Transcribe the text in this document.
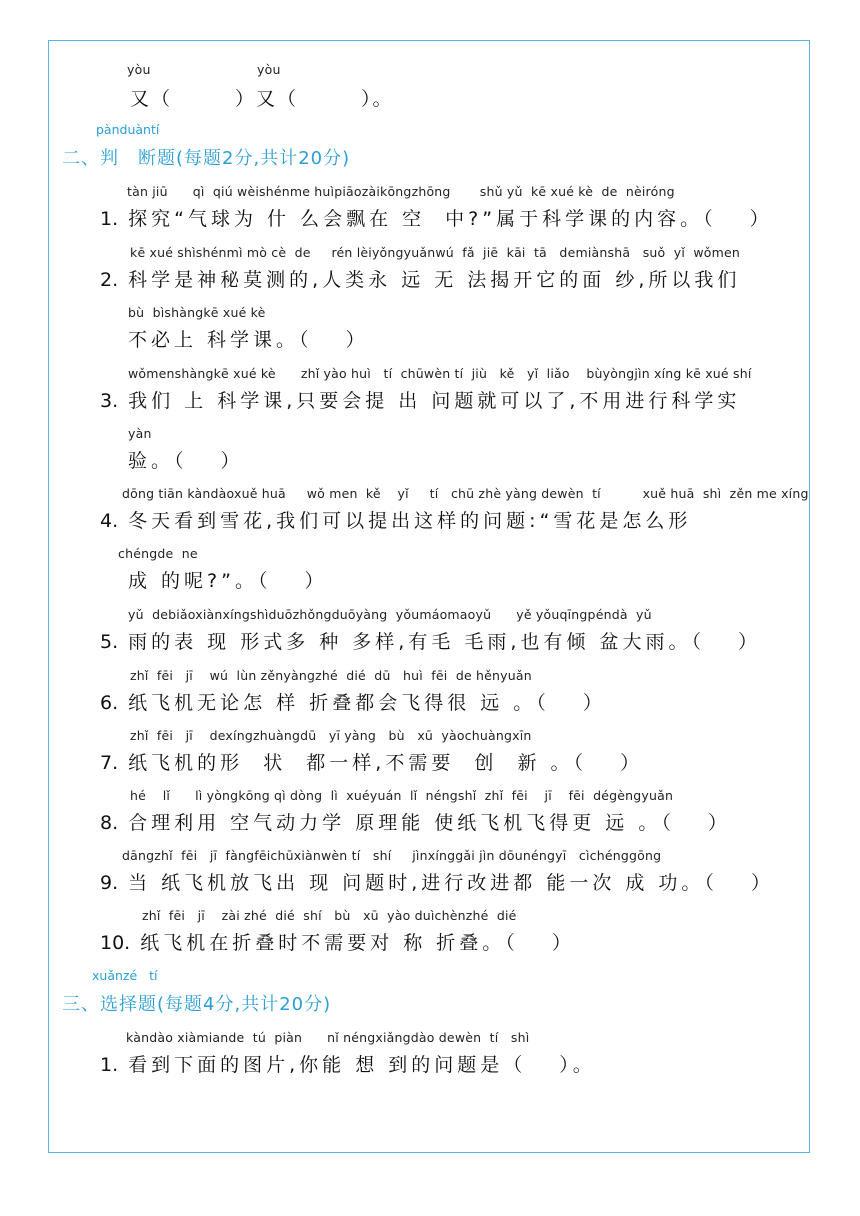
yòu	yòu
又（　　　）又（　　　）。
pànduàntí
二、判　断题(每题2分,共计20分)
tàn jiū      qì  qiú wèishénme huìpiāozàikōngzhōng       shǔ yǔ  kē xué kè  de  nèiróng
1. 探究“气球为 什 么会飘在 空  中?”属于科学课的内容。（　 ）
kē xué shìshénmì mò cè  de     rén lèiyǒngyuǎnwú  fǎ  jiē  kāi  tā   demiànshā   suǒ  yǐ  wǒmen
2. 科学是神秘莫测的,人类永 远 无 法揭开它的面 纱,所以我们
bù  bìshàngkē xué kè
不必上 科学课。（　 ）
wǒmenshàngkē xué kè      zhǐ yào huì   tí  chūwèn tí  jiù   kě   yǐ  liǎo    bùyòngjìn xíng kē xué shí
3. 我们 上 科学课,只要会提 出 问题就可以了,不用进行科学实
yàn
验。（　 ）
dōng tiān kàndàoxuě huā     wǒ men  kě    yǐ     tí   chū zhè yàng dewèn  tí          xuě huā  shì  zěn me xíng
4. 冬天看到雪花,我们可以提出这样的问题:“雪花是怎么形
chéngde  ne
成 的呢?”。（　 ）
yǔ  debiǎoxiànxíngshìduōzhǒngduōyàng  yǒumáomaoyǔ      yě yǒuqīngpéndà  yǔ
5. 雨的表 现 形式多 种 多样,有毛 毛雨,也有倾 盆大雨。（　 ）
zhǐ  fēi   jī    wú  lùn zěnyàngzhé  dié  dū   huì  fēi  de hěnyuǎn
6. 纸飞机无论怎 样 折叠都会飞得很 远 。（　 ）
zhǐ  fēi   jī    dexíngzhuàngdū   yī yàng   bù   xū  yàochuàngxīn
7. 纸飞机的形  状  都一样,不需要  创  新 。（　 ）
hé    lǐ      lì yòngkōng qì dòng  lì  xuéyuán  lǐ  néngshǐ  zhǐ  fēi    jī    fēi  dégèngyuǎn
8. 合理利用 空气动力学 原理能 使纸飞机飞得更 远 。（　 ）
dāngzhǐ  fēi   jī  fàngfēichūxiànwèn tí   shí     jìnxínggǎi jìn dōunéngyī   cìchénggōng
9. 当 纸飞机放飞出 现 问题时,进行改进都 能一次 成 功。（　 ）
zhǐ  fēi   jī    zài zhé  dié  shí   bù   xū  yào duìchènzhé  dié
10. 纸飞机在折叠时不需要对 称 折叠。（　 ）
xuǎnzé   tí
三、选择题(每题4分,共计20分)
kàndào xiàmiande  tú  piàn      nǐ néngxiǎngdào dewèn  tí   shì
1. 看到下面的图片,你能 想 到的问题是（　 ）。
